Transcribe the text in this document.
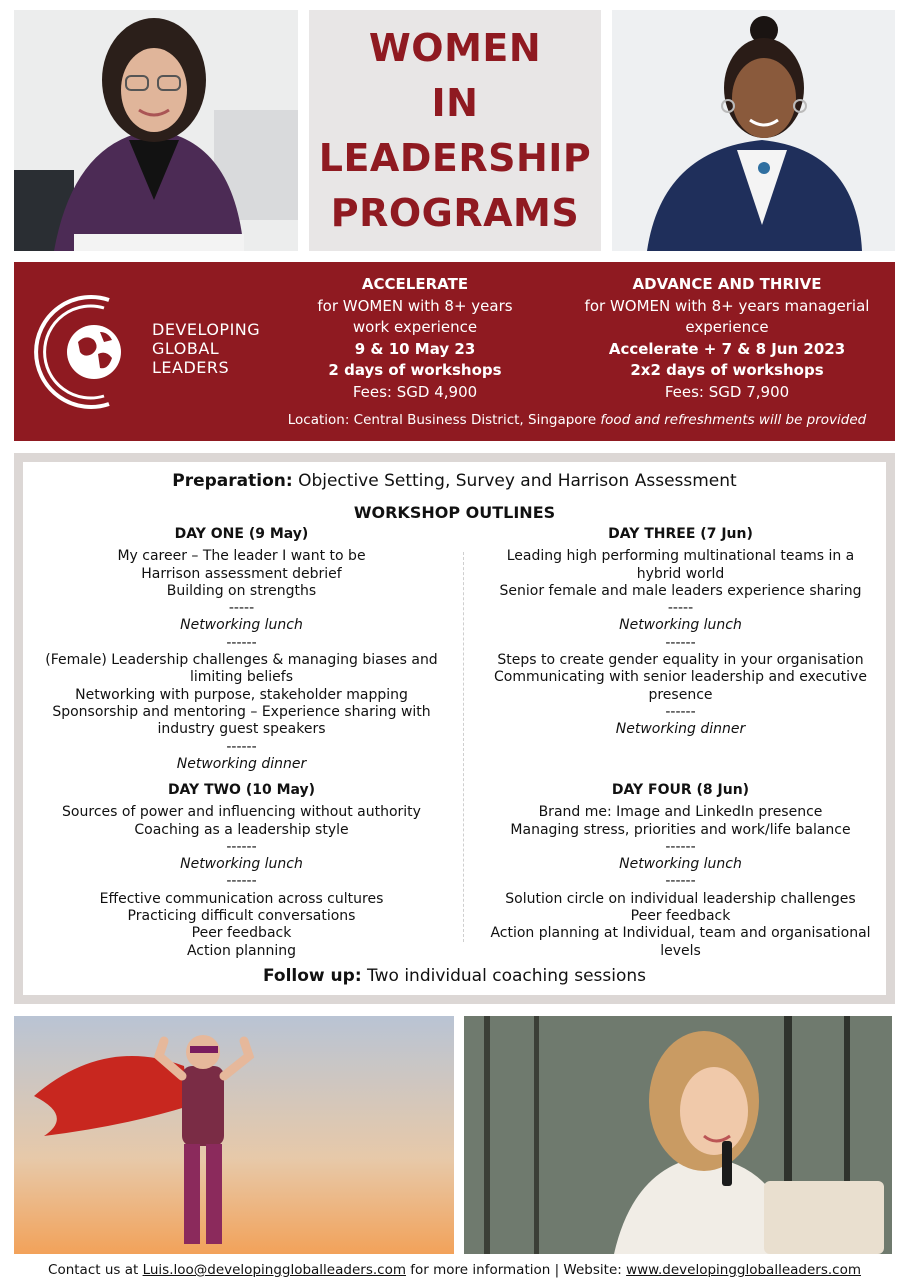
WOMEN
IN
LEADERSHIP
PROGRAMS
DEVELOPING
GLOBAL
LEADERS
ACCELERATE
for WOMEN with 8+ years
work experience
9 & 10 May 23
2 days of workshops
Fees: SGD 4,900
ADVANCE AND THRIVE
for WOMEN with 8+ years managerial
experience
Accelerate + 7 & 8 Jun 2023
2x2 days of workshops
Fees: SGD 7,900
Location: Central Business District, Singapore food and refreshments will be provided
Preparation: Objective Setting, Survey and Harrison Assessment
WORKSHOP OUTLINES
DAY ONE (9 May)
My career – The leader I want to be
Harrison assessment debrief
Building on strengths
-----
Networking lunch
------
(Female) Leadership challenges & managing biases and limiting beliefs
Networking with purpose, stakeholder mapping
Sponsorship and mentoring – Experience sharing with industry guest speakers
------
Networking dinner
DAY THREE (7 Jun)
Leading high performing multinational teams in a hybrid world
Senior female and male leaders experience sharing
-----
Networking lunch
------
Steps to create gender equality in your organisation
Communicating with senior leadership and executive presence
------
Networking dinner
DAY TWO (10 May)
Sources of power and influencing without authority
Coaching as a leadership style
------
Networking lunch
------
Effective communication across cultures
Practicing difficult conversations
Peer feedback
Action planning
DAY FOUR (8 Jun)
Brand me: Image and LinkedIn presence
Managing stress, priorities and work/life balance
------
Networking lunch
------
Solution circle on individual leadership challenges
Peer feedback
Action planning at Individual, team and organisational levels
Follow up: Two individual coaching sessions
Contact us at Luis.loo@developinggloballeaders.com for more information | Website: www.developinggloballeaders.com
